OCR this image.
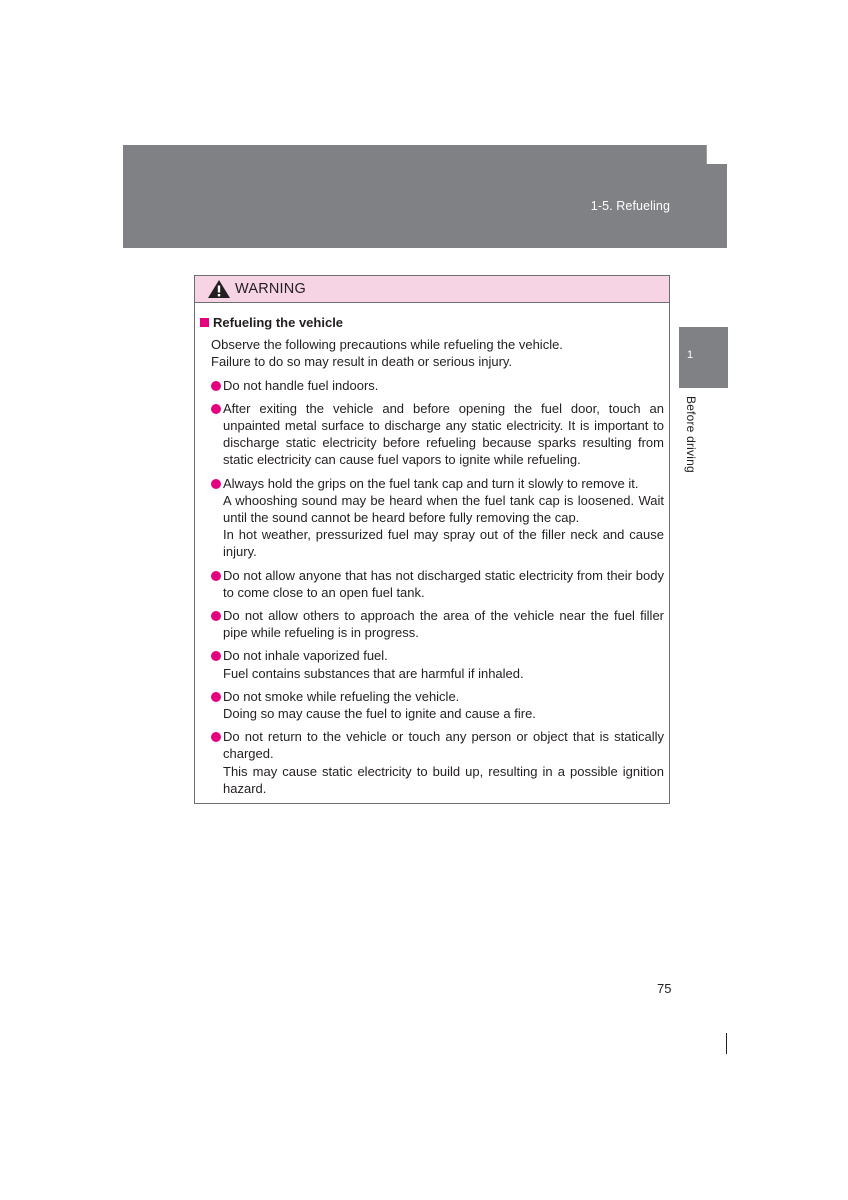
1-5. Refueling
1
Before driving
WARNING
Refueling the vehicle
Observe the following precautions while refueling the vehicle.
Failure to do so may result in death or serious injury.
Do not handle fuel indoors.
After exiting the vehicle and before opening the fuel door, touch an unpainted metal surface to discharge any static electricity. It is important to discharge static electricity before refueling because sparks resulting from static electricity can cause fuel vapors to ignite while refueling.
Always hold the grips on the fuel tank cap and turn it slowly to remove it.
A whooshing sound may be heard when the fuel tank cap is loosened. Wait until the sound cannot be heard before fully removing the cap.
In hot weather, pressurized fuel may spray out of the filler neck and cause injury.
Do not allow anyone that has not discharged static electricity from their body to come close to an open fuel tank.
Do not allow others to approach the area of the vehicle near the fuel filler pipe while refueling is in progress.
Do not inhale vaporized fuel.
Fuel contains substances that are harmful if inhaled.
Do not smoke while refueling the vehicle.
Doing so may cause the fuel to ignite and cause a fire.
Do not return to the vehicle or touch any person or object that is statically charged.
This may cause static electricity to build up, resulting in a possible ignition hazard.
75
